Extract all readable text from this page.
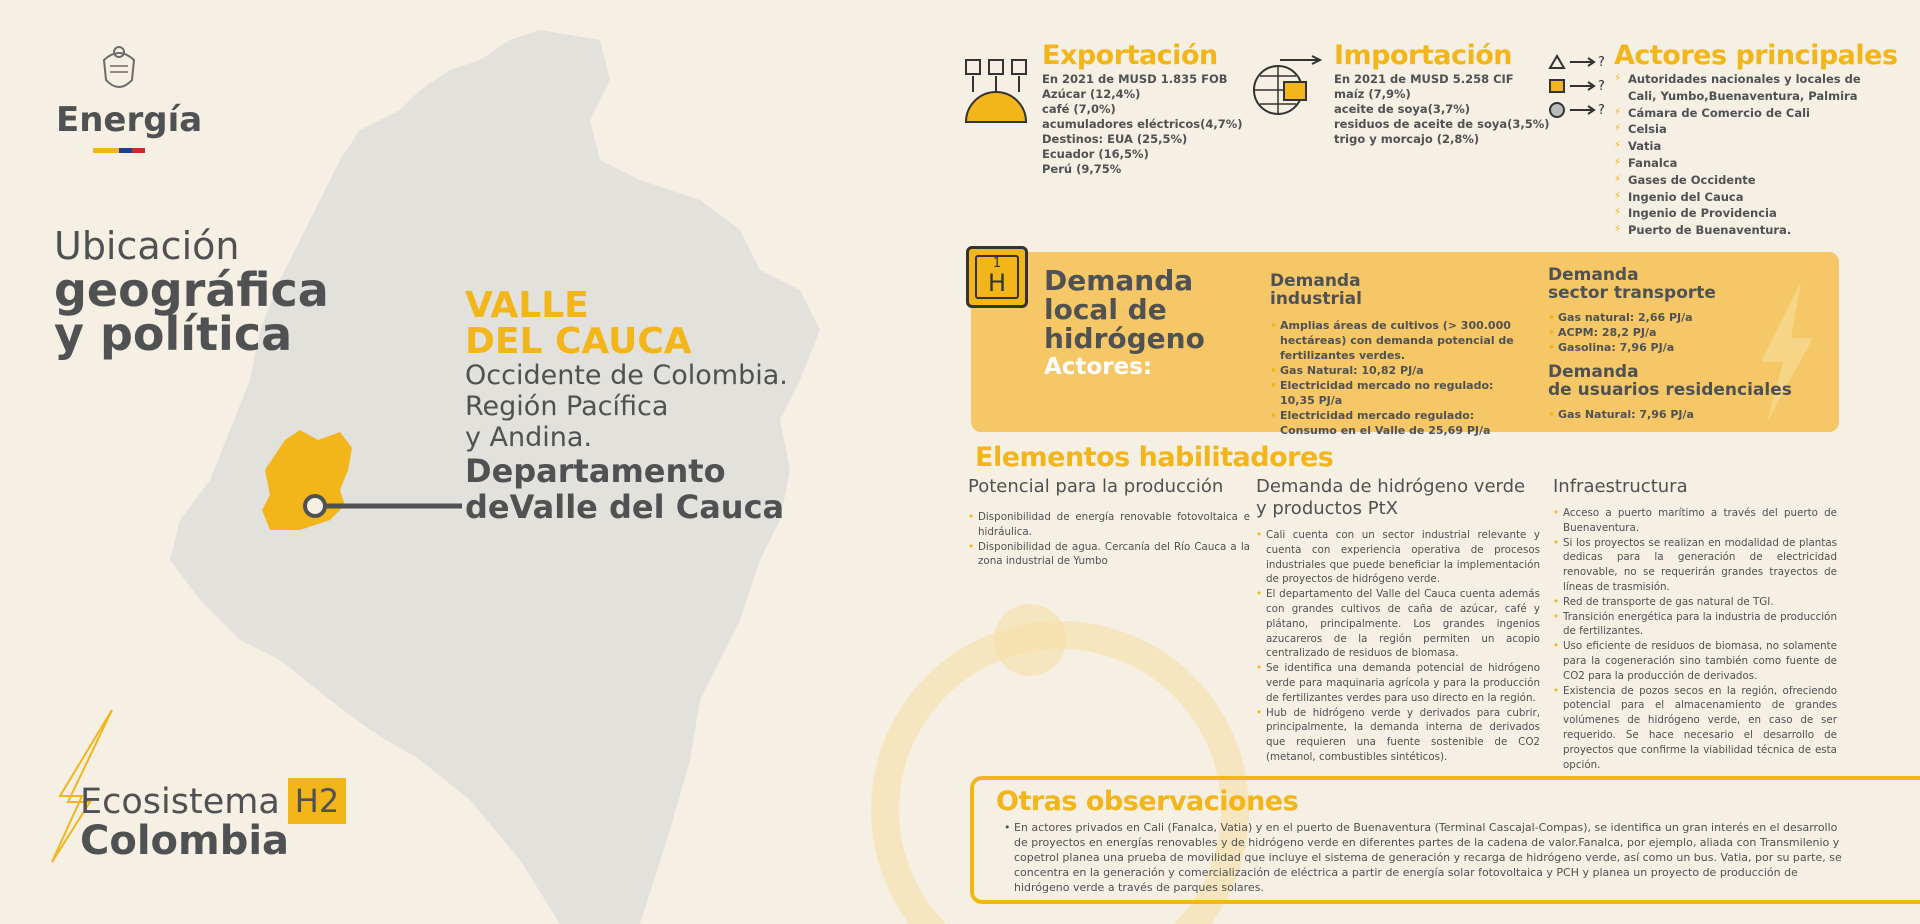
Energía
Ubicación
geográfica
y política
VALLE
DEL CAUCA
Occidente de Colombia.
Región Pacífica
y Andina.
Departamento
deValle del Cauca
Ecosistema H2
Colombia
Exportación
En 2021 de MUSD 1.835 FOB
Azúcar (12,4%)
café (7,0%)
acumuladores eléctricos(4,7%)
Destinos: EUA (25,5%)
Ecuador (16,5%)
Perú (9,75%
Importación
En 2021 de MUSD 5.258 CIF
maíz (7,9%)
aceite de soya(3,7%)
residuos de aceite de soya(3,5%)
trigo y morcajo (2,8%)
?
?
?
Actores principales
⚡ Autoridades nacionales y locales de Cali, Yumbo,Buenaventura, Palmira
⚡ Cámara de Comercio de Cali
⚡ Celsia
⚡ Vatia
⚡ Fanalca
⚡ Gases de Occidente
⚡ Ingenio del Cauca
⚡ Ingenio de Providencia
⚡ Puerto de Buenaventura.
1
H	Demanda
local de
hidrógeno
Actores:
Demanda
industrial
• Amplias áreas de cultivos (> 300.000 hectáreas) con demanda potencial de fertilizantes verdes.
• Gas Natural: 10,82 PJ/a
• Electricidad mercado no regulado: 10,35 PJ/a
• Electricidad mercado regulado: Consumo en el Valle de 25,69 PJ/a
Demanda
sector transporte
• Gas natural: 2,66 PJ/a
• ACPM: 28,2 PJ/a
• Gasolina: 7,96 PJ/a
Demanda
de usuarios residenciales
• Gas Natural: 7,96 PJ/a
Elementos habilitadores
Potencial para la producción
• Disponibilidad de energía renovable fotovoltaica e hidráulica.
• Disponibilidad de agua. Cercanía del Río Cauca a la zona industrial de Yumbo
Demanda de hidrógeno verde y productos PtX
• Cali cuenta con un sector industrial relevante y cuenta con experiencia operativa de procesos industriales que puede beneficiar la implementación de proyectos de hidrógeno verde.
• El departamento del Valle del Cauca cuenta además con grandes cultivos de caña de azúcar, café y plátano, principalmente. Los grandes ingenios azucareros de la región permiten un acopio centralizado de residuos de biomasa.
• Se identifica una demanda potencial de hidrógeno verde para maquinaria agrícola y para la producción de fertilizantes verdes para uso directo en la región.
• Hub de hidrógeno verde y derivados para cubrir, principalmente, la demanda interna de derivados que requieren una fuente sostenible de CO2 (metanol, combustibles sintéticos).
Infraestructura
• Acceso a puerto marítimo a través del puerto de Buenaventura.
• Si los proyectos se realizan en modalidad de plantas dedicas para la generación de electricidad renovable, no se requerirán grandes trayectos de líneas de trasmisión.
• Red de transporte de gas natural de TGI.
• Transición energética para la industria de producción de fertilizantes.
• Uso eficiente de residuos de biomasa, no solamente para la cogeneración sino también como fuente de CO2 para la producción de derivados.
• Existencia de pozos secos en la región, ofreciendo potencial para el almacenamiento de grandes volúmenes de hidrógeno verde, en caso de ser requerido. Se hace necesario el desarrollo de proyectos que confirme la viabilidad técnica de esta opción.
Otras observaciones
• En actores privados en Cali (Fanalca, Vatia) y en el puerto de Buenaventura (Terminal Cascajal-Compas), se identifica un gran interés en el desarrollo de proyectos en energías renovables y de hidrógeno verde en diferentes partes de la cadena de valor.Fanalca, por ejemplo, aliada con Transmilenio y copetrol planea una prueba de movilidad que incluye el sistema de generación y recarga de hidrógeno verde, así como un bus. Vatia, por su parte, se concentra en la generación y comercialización de eléctrica a partir de energía solar fotovoltaica y PCH y planea un proyecto de producción de hidrógeno verde a través de parques solares.
